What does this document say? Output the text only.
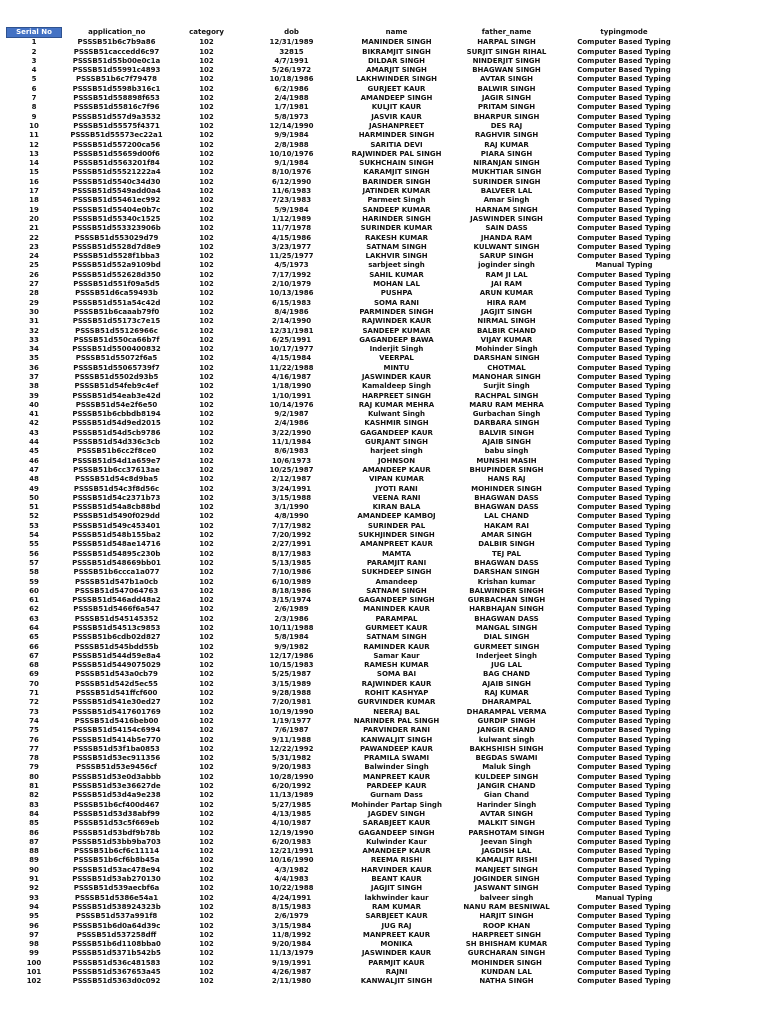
Serial No	application_no	category	dob	name	father_name	typingmode
1	PSSSB51b6c7b9a86	102	12/31/1989	MANINDER SINGH	HARPAL SINGH	Computer Based Typing
2	PSSSB51caccedd6c97	102	32815	BIKRAMJIT SINGH	SURJIT SINGH RIHAL	Computer Based Typing
3	PSSSB51d55b00e0c1a	102	4/7/1991	DILDAR SINGH	NINDERJIT SINGH	Computer Based Typing
4	PSSSB51d55991c4893	102	5/26/1972	AMARJIT SINGH	BHAGWAN SINGH	Computer Based Typing
5	PSSSB51b6c7f79478	102	10/18/1986	LAKHWINDER SINGH	AVTAR SINGH	Computer Based Typing
6	PSSSB51d5598b316c1	102	6/2/1986	GURJEET KAUR	BALWIR SINGH	Computer Based Typing
7	PSSSB51d558898f653	102	2/4/1988	AMANDEEP SINGH	JAGIR SINGH	Computer Based Typing
8	PSSSB51d55816c7f96	102	1/7/1981	KULJIT KAUR	PRITAM SINGH	Computer Based Typing
9	PSSSB51d557d9a3532	102	5/8/1973	JASVIR KAUR	BHARPUR SINGH	Computer Based Typing
10	PSSSB51d55575f4371	102	12/14/1990	JASHANPREET	DES RAJ	Computer Based Typing
11	PSSSB51d55573ec22a1	102	9/9/1984	HARMINDER SINGH	RAGHVIR SINGH	Computer Based Typing
12	PSSSB51d557200ca56	102	2/8/1988	SARITIA DEVI	RAJ KUMAR	Computer Based Typing
13	PSSSB51d55659d00f6	102	10/10/1976	RAJWINDER PAL SINGH	PIARA SINGH	Computer Based Typing
14	PSSSB51d5563201f84	102	9/1/1984	SUKHCHAIN SINGH	NIRANJAN SINGH	Computer Based Typing
15	PSSSB51d55521222a4	102	8/10/1976	KARAMJIT SINGH	MUKHTIAR SINGH	Computer Based Typing
16	PSSSB51d5540c34d30	102	6/12/1990	BARINDER SINGH	SURINDER SINGH	Computer Based Typing
17	PSSSB51d5549add0a4	102	11/6/1983	JATINDER KUMAR	BALVEER LAL	Computer Based Typing
18	PSSSB51d55461ec992	102	7/23/1983	Parmeet Singh	Amar Singh	Computer Based Typing
19	PSSSB51d55404e0b7c	102	5/9/1984	SANDEEP KUMAR	HARNAM SINGH	Computer Based Typing
20	PSSSB51d55340c1525	102	1/12/1989	HARINDER SINGH	JASWINDER SINGH	Computer Based Typing
21	PSSSB51d553323906b	102	11/7/1978	SURINDER KUMAR	SAIN DASS	Computer Based Typing
22	PSSSB51d553029d79	102	4/15/1986	RAKESH KUMAR	JHANDA RAM	Computer Based Typing
23	PSSSB51d5528d7d8e9	102	3/23/1977	SATNAM SINGH	KULWANT SINGH	Computer Based Typing
24	PSSSB51d5528f1bba3	102	11/25/1977	LAKHVIR SINGH	SARUP SINGH	Computer Based Typing
25	PSSSB51d552a9109bd	102	4/5/1973	sarbjeet singh	joginder singh	Manual Typing
26	PSSSB51d552628d350	102	7/17/1992	SAHIL KUMAR	RAM JI LAL	Computer Based Typing
27	PSSSB51d551f09a5d5	102	2/10/1979	MOHAN LAL	JAI RAM	Computer Based Typing
28	PSSSB51d6ca59493b	102	10/13/1986	PUSHPA	ARUN KUMAR	Computer Based Typing
29	PSSSB51d551a54c42d	102	6/15/1983	SOMA RANI	HIRA RAM	Computer Based Typing
30	PSSSB51b6caaab79f0	102	8/4/1986	PARMINDER SINGH	JAGJIT SINGH	Computer Based Typing
31	PSSSB51d55173c7e15	102	2/14/1990	RAJWINDER KAUR	NIRMAL SINGH	Computer Based Typing
32	PSSSB51d55126966c	102	12/31/1981	SANDEEP KUMAR	BALBIR CHAND	Computer Based Typing
33	PSSSB51d550ca66b7f	102	6/25/1991	GAGANDEEP BAWA	VIJAY KUMAR	Computer Based Typing
34	PSSSB51d5500400832	102	10/17/1977	Inderjit Singh	Mohinder Singh	Computer Based Typing
35	PSSSB51d55072f6a5	102	4/15/1984	VEERPAL	DARSHAN SINGH	Computer Based Typing
36	PSSSB51d55065739f7	102	11/22/1988	MINTU	CHOTMAL	Computer Based Typing
37	PSSSB51d5502d93b5	102	4/16/1987	JASWINDER KAUR	MANOHAR SINGH	Computer Based Typing
38	PSSSB51d54feb9c4ef	102	1/18/1990	Kamaldeep Singh	Surjit Singh	Computer Based Typing
39	PSSSB51d54eab3e42d	102	1/10/1991	HARPREET SINGH	RACHPAL SINGH	Computer Based Typing
40	PSSSB51d54e2f6e50	102	10/14/1976	RAJ KUMAR MEHRA	MARU RAM MEHRA	Computer Based Typing
41	PSSSB51b6cbbdb8194	102	9/2/1987	Kulwant Singh	Gurbachan Singh	Computer Based Typing
42	PSSSB51d54d9ed2015	102	2/4/1986	KASHMIR SINGH	DARBARA SINGH	Computer Based Typing
43	PSSSB51d54d5cb9786	102	3/22/1990	GAGANDEEP KAUR	BALVIR SINGH	Computer Based Typing
44	PSSSB51d54d336c3cb	102	11/1/1984	GURJANT SINGH	AJAIB SINGH	Computer Based Typing
45	PSSSB51b6cc2f8ce0	102	8/6/1983	harjeet singh	babu singh	Computer Based Typing
46	PSSSB51d54d1a659e7	102	10/6/1973	JOHNSON	MUNSHI MASIH	Computer Based Typing
47	PSSSB51b6cc37613ae	102	10/25/1987	AMANDEEP KAUR	BHUPINDER SINGH	Computer Based Typing
48	PSSSB51d54c8d9ba5	102	2/12/1987	VIPAN KUMAR	HANS RAJ	Computer Based Typing
49	PSSSB51d54c3f8d56c	102	3/24/1991	JYOTI RANI	MOHINDER SINGH	Computer Based Typing
50	PSSSB51d54c2371b73	102	3/15/1988	VEENA RANI	BHAGWAN DASS	Computer Based Typing
51	PSSSB51d54a8cb88bd	102	3/1/1990	KIRAN BALA	BHAGWAN DASS	Computer Based Typing
52	PSSSB51d5490f029dd	102	4/8/1990	AMANDEEP KAMBOJ	LAL CHAND	Computer Based Typing
53	PSSSB51d549c453401	102	7/17/1982	SURINDER PAL	HAKAM RAI	Computer Based Typing
54	PSSSB51d548b155ba2	102	7/20/1992	SUKHJINDER SINGH	AMAR SINGH	Computer Based Typing
55	PSSSB51d548ae14716	102	2/27/1991	AMANPREET KAUR	DALBIR SINGH	Computer Based Typing
56	PSSSB51d54895c230b	102	8/17/1983	MAMTA	TEJ PAL	Computer Based Typing
57	PSSSB51d548669bb01	102	5/13/1985	PARAMJIT RANI	BHAGWAN DASS	Computer Based Typing
58	PSSSB51b6ccca1a077	102	7/10/1986	SUKHDEEP SINGH	DARSHAN SINGH	Computer Based Typing
59	PSSSB51d547b1a0cb	102	6/10/1989	Amandeep	Krishan kumar	Computer Based Typing
60	PSSSB51d547064763	102	8/18/1986	SATNAM SINGH	BALWINDER SINGH	Computer Based Typing
61	PSSSB51d546add48a2	102	3/15/1974	GAGANDEEP SINGH	GURBACHAN SINGH	Computer Based Typing
62	PSSSB51d5466f6a547	102	2/6/1989	MANINDER KAUR	HARBHAJAN SINGH	Computer Based Typing
63	PSSSB51d545145352	102	2/3/1986	PARAMPAL	BHAGWAN DASS	Computer Based Typing
64	PSSSB51d54513c9853	102	10/11/1988	GURMEET KAUR	MANGAL SINGH	Computer Based Typing
65	PSSSB51b6cdb02d827	102	5/8/1984	SATNAM SINGH	DIAL SINGH	Computer Based Typing
66	PSSSB51d545bdd55b	102	9/9/1982	RAMINDER KAUR	GURMEET SINGH	Computer Based Typing
67	PSSSB51d544d59e8a4	102	12/17/1986	Samar Kaur	Inderjeet Singh	Computer Based Typing
68	PSSSB51d5449075029	102	10/15/1983	RAMESH KUMAR	JUG LAL	Computer Based Typing
69	PSSSB51d543a0cb79	102	5/25/1987	SOMA BAI	BAG CHAND	Computer Based Typing
70	PSSSB51d542d5ec55	102	3/15/1989	RAJWINDER KAUR	AJAIB SINGH	Computer Based Typing
71	PSSSB51d541ffcf600	102	9/28/1988	ROHIT KASHYAP	RAJ KUMAR	Computer Based Typing
72	PSSSB51d541e30ed27	102	7/20/1981	GURVINDER KUMAR	DHARAMPAL	Computer Based Typing
73	PSSSB51d5417601769	102	10/19/1990	NEERAJ BAL	DHARAMPAL VERMA	Computer Based Typing
74	PSSSB51d5416beb00	102	1/19/1977	NARINDER PAL SINGH	GURDIP SINGH	Computer Based Typing
75	PSSSB51d54154c6994	102	7/6/1987	PARVINDER RANI	JANGIR CHAND	Computer Based Typing
76	PSSSB51d5414b5e770	102	9/11/1988	KANWALJIT SINGH	kulwant singh	Computer Based Typing
77	PSSSB51d53f1ba0853	102	12/22/1992	PAWANDEEP KAUR	BAKHSHISH SINGH	Computer Based Typing
78	PSSSB51d53ec911356	102	5/31/1982	PRAMILA SWAMI	BEGDAS SWAMI	Computer Based Typing
79	PSSSB51d53e9456cf	102	9/20/1983	Balwinder Singh	Maluk Singh	Computer Based Typing
80	PSSSB51d53e0d3abbb	102	10/28/1990	MANPREET KAUR	KULDEEP SINGH	Computer Based Typing
81	PSSSB51d53e36627de	102	6/20/1992	PARDEEP KAUR	JANGIR CHAND	Computer Based Typing
82	PSSSB51d53d4a9e238	102	11/13/1989	Gurnam Dass	Gian Chand	Computer Based Typing
83	PSSSB51b6cf400d467	102	5/27/1985	Mohinder Partap Singh	Harinder Singh	Computer Based Typing
84	PSSSB51d53d38abf99	102	4/13/1985	JAGDEV SINGH	AVTAR SINGH	Computer Based Typing
85	PSSSB51d53c5f669eb	102	4/10/1987	SARABJEET KAUR	MALKIT SINGH	Computer Based Typing
86	PSSSB51d53bdf9b78b	102	12/19/1990	GAGANDEEP SINGH	PARSHOTAM SINGH	Computer Based Typing
87	PSSSB51d53bb9ba703	102	6/20/1983	Kulwinder Kaur	Jeevan Singh	Computer Based Typing
88	PSSSB51b6cf6c11114	102	12/21/1991	AMANDEEP KAUR	JAGDISH LAL	Computer Based Typing
89	PSSSB51b6cf6b8b45a	102	10/16/1990	REEMA RISHI	KAMALJIT RISHI	Computer Based Typing
90	PSSSB51d53ac478e94	102	4/3/1982	HARVINDER KAUR	MANJEET SINGH	Computer Based Typing
91	PSSSB51d53ab270130	102	4/4/1983	BEANT KAUR	JOGINDER SINGH	Computer Based Typing
92	PSSSB51d539aecbf6a	102	10/22/1988	JAGJIT SINGH	JASWANT SINGH	Computer Based Typing
93	PSSSB51d5386e54a1	102	4/24/1991	lakhwinder kaur	balveer singh	Manual Typing
94	PSSSB51d538924323b	102	8/15/1983	RAM KUMAR	NANU RAM BESNIWAL	Computer Based Typing
95	PSSSB51d537a991f8	102	2/6/1979	SARBJEET KAUR	HARJIT SINGH	Computer Based Typing
96	PSSSB51b6d0a64d39c	102	3/15/1984	JUG RAJ	ROOP KHAN	Computer Based Typing
97	PSSSB51d537258dff	102	11/8/1992	MANPREET KAUR	HARPREET SINGH	Computer Based Typing
98	PSSSB51b6d1108bba0	102	9/20/1984	MONIKA	SH BHISHAM KUMAR	Computer Based Typing
99	PSSSB51d5371b542b5	102	11/13/1979	JASWINDER KAUR	GURCHARAN SINGH	Computer Based Typing
100	PSSSB51d536c481583	102	9/19/1991	PARMJIT KAUR	MOHINDER SINGH	Computer Based Typing
101	PSSSB51d5367653a45	102	4/26/1987	RAJNI	KUNDAN LAL	Computer Based Typing
102	PSSSB51d5363d0c092	102	2/11/1980	KANWALJIT SINGH	NATHA SINGH	Computer Based Typing
